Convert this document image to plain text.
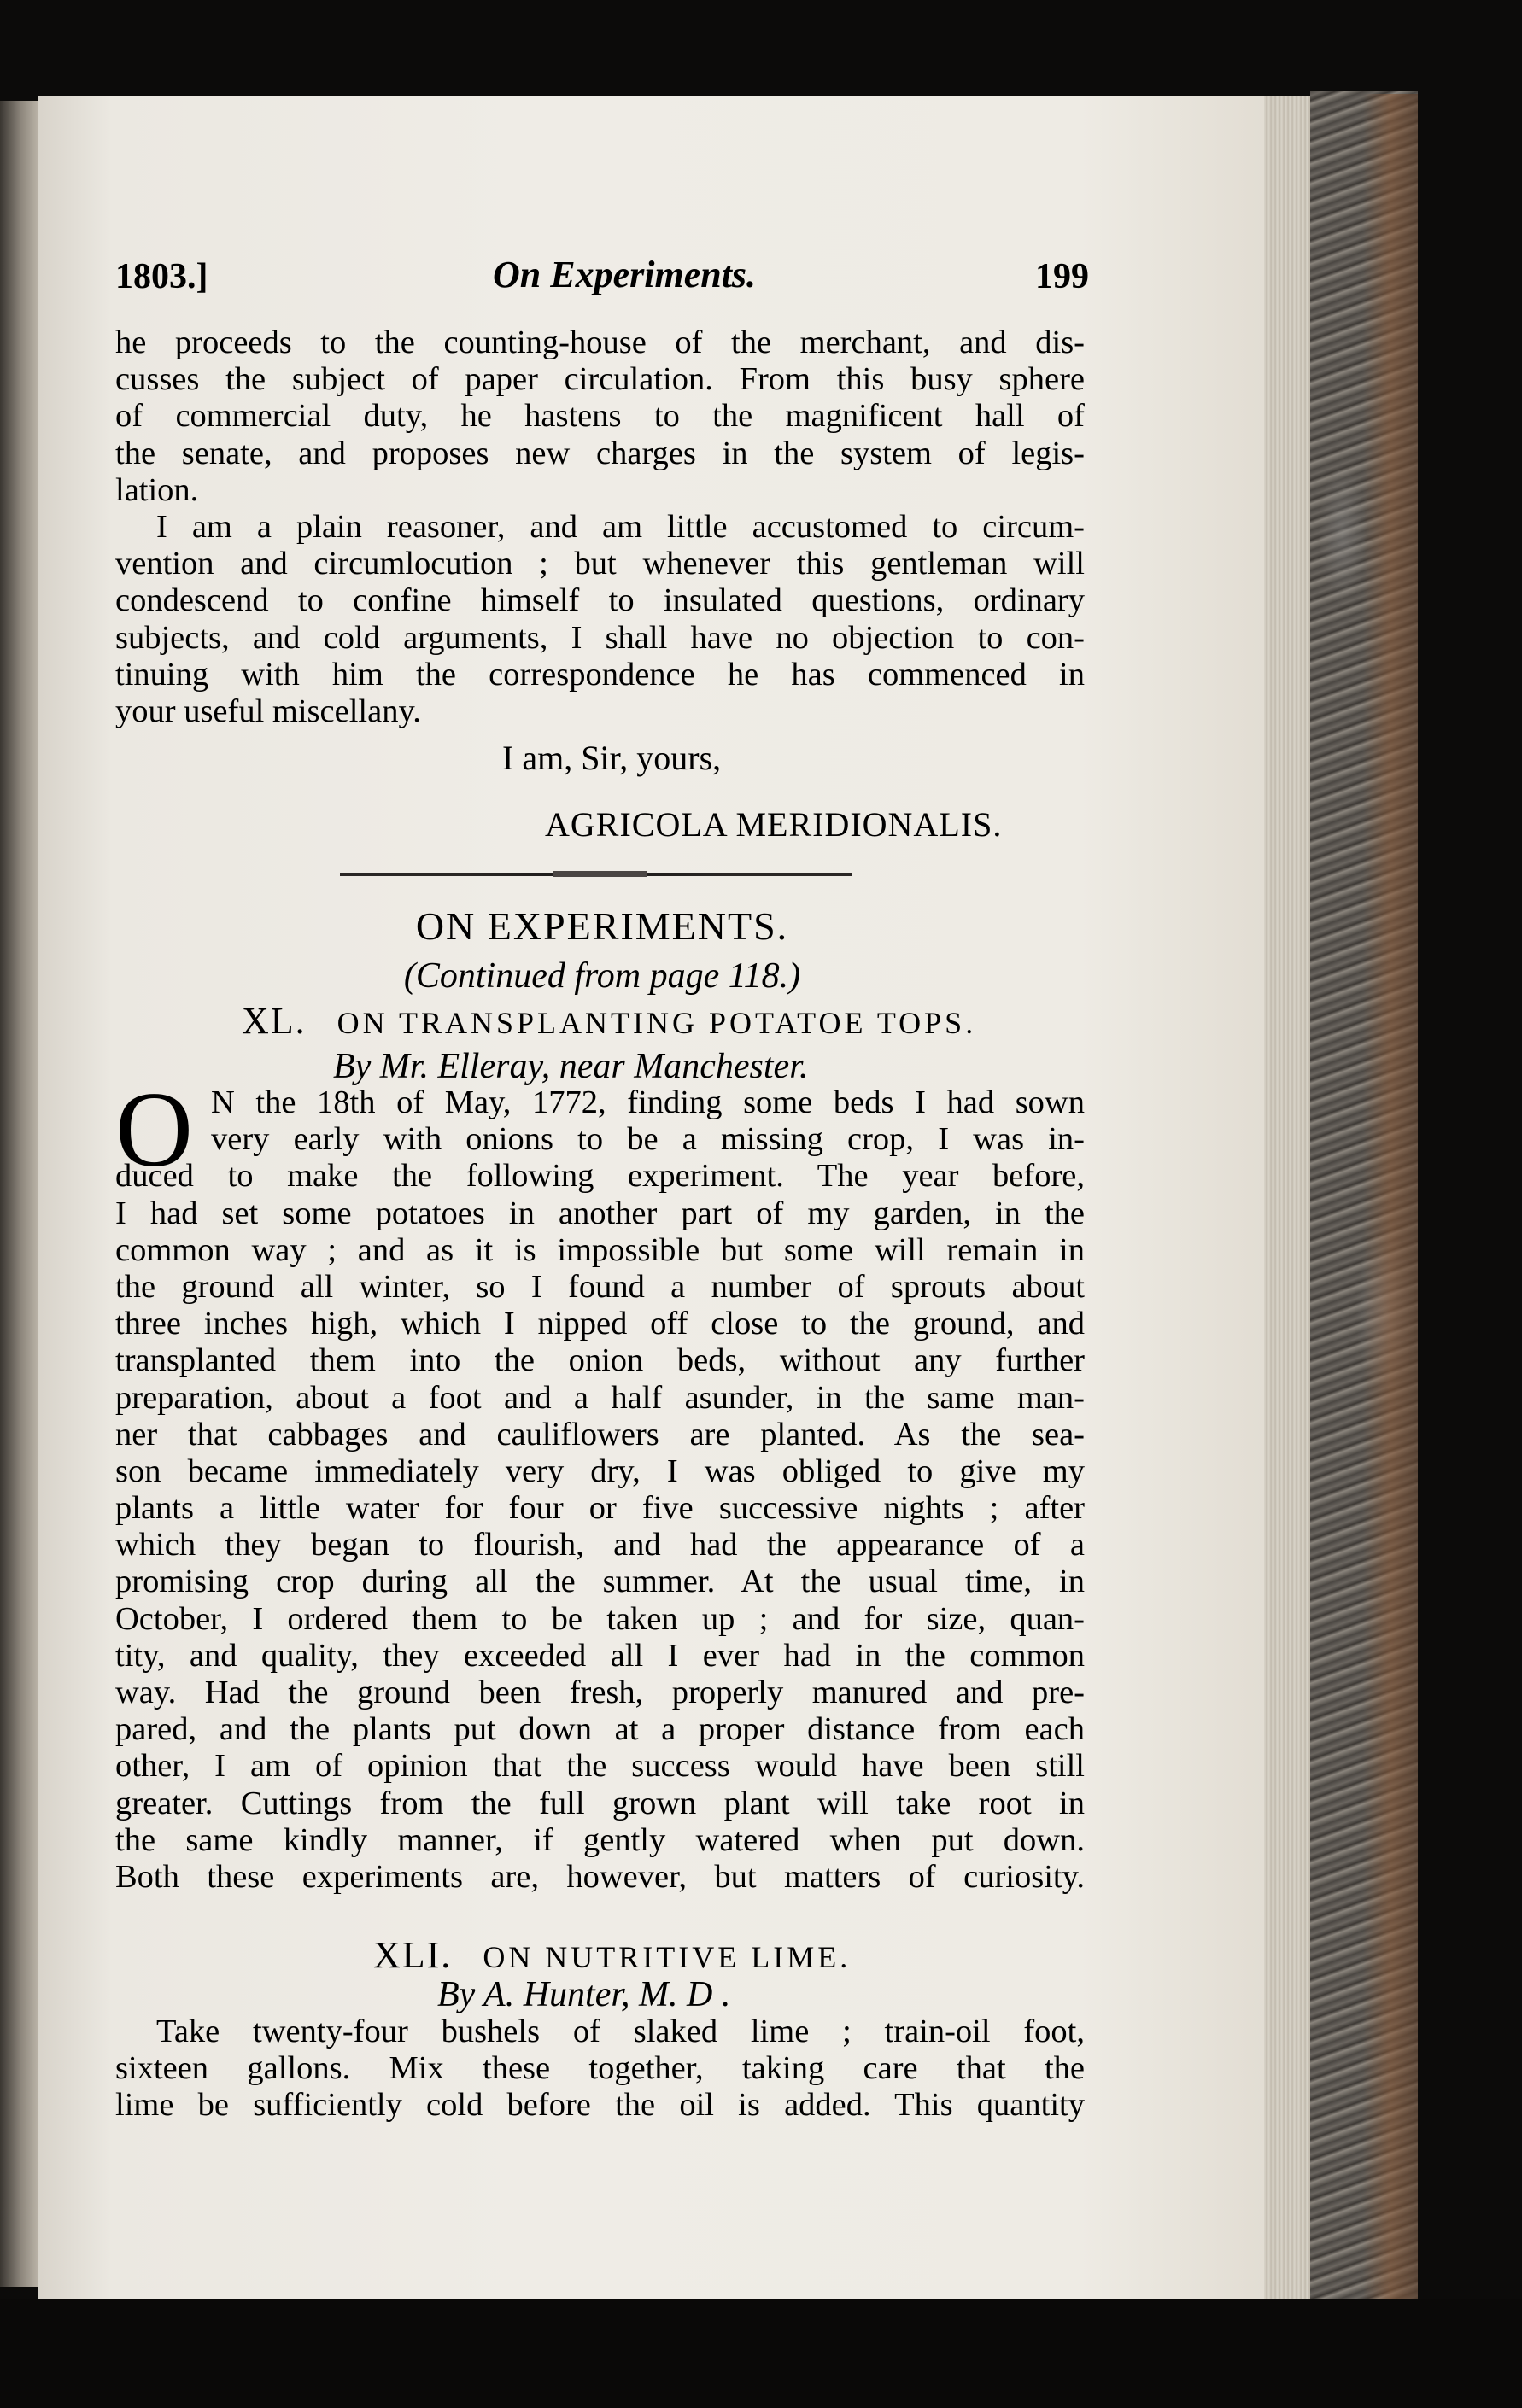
1803.]	On Experiments.	199
he proceeds to the counting-house of the merchant, and dis-
cusses the subject of paper circulation. From this busy sphere
of commercial duty, he hastens to the magnificent hall of
the senate, and proposes new charges in the system of legis-
lation.
I am a plain reasoner, and am little accustomed to circum-
vention and circumlocution ; but whenever this gentleman will
condescend to confine himself to insulated questions, ordinary
subjects, and cold arguments, I shall have no objection to con-
tinuing with him the correspondence he has commenced in
your useful miscellany.
I am, Sir, yours,
AGRICOLA MERIDIONALIS.
ON EXPERIMENTS.
(Continued from page 118.)
XL. ON TRANSPLANTING POTATOE TOPS.
By Mr. Elleray, near Manchester.
O N the 18th of May, 1772, finding some beds I had sown
very early with onions to be a missing crop, I was in-
duced to make the following experiment. The year before,
I had set some potatoes in another part of my garden, in the
common way ; and as it is impossible but some will remain in
the ground all winter, so I found a number of sprouts about
three inches high, which I nipped off close to the ground, and
transplanted them into the onion beds, without any further
preparation, about a foot and a half asunder, in the same man-
ner that cabbages and cauliflowers are planted. As the sea-
son became immediately very dry, I was obliged to give my
plants a little water for four or five successive nights ; after
which they began to flourish, and had the appearance of a
promising crop during all the summer. At the usual time, in
October, I ordered them to be taken up ; and for size, quan-
tity, and quality, they exceeded all I ever had in the common
way. Had the ground been fresh, properly manured and pre-
pared, and the plants put down at a proper distance from each
other, I am of opinion that the success would have been still
greater. Cuttings from the full grown plant will take root in
the same kindly manner, if gently watered when put down.
Both these experiments are, however, but matters of curiosity.
XLI. ON NUTRITIVE LIME.
By A. Hunter, M. D .
Take twenty-four bushels of slaked lime ; train-oil foot,
sixteen gallons. Mix these together, taking care that the
lime be sufficiently cold before the oil is added. This quantity
